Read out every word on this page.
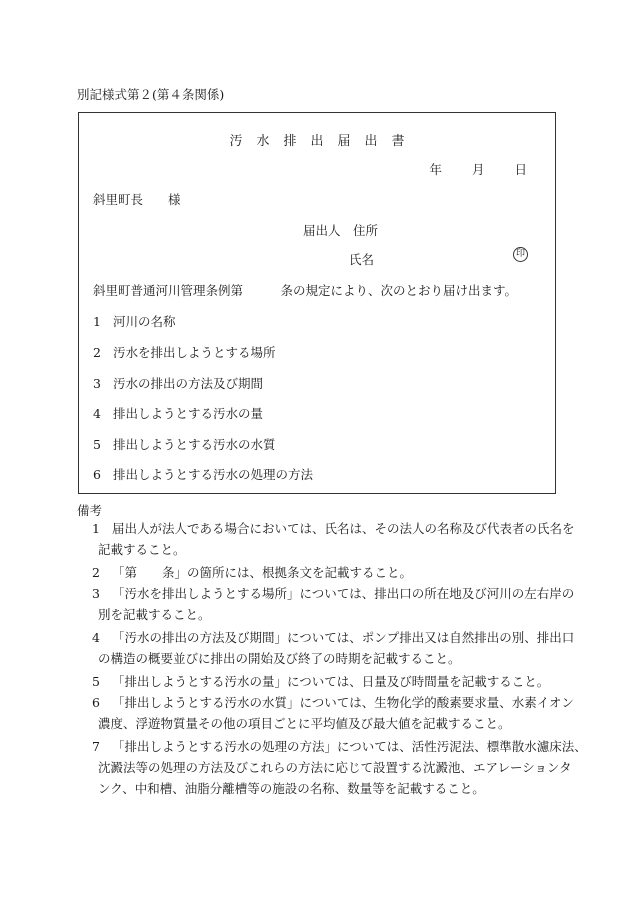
別記様式第２(第４条関係)
汚 水 排 出 届 出 書
年 月 日
斜里町長　　様
届出人　住所
氏名	印
斜里町普通河川管理条例第　　　条の規定により、次のとおり届け出ます。
1 河川の名称
2 汚水を排出しようとする場所
3 汚水の排出の方法及び期間
4 排出しようとする汚水の量
5 排出しようとする汚水の水質
6 排出しようとする汚水の処理の方法
備考
1 届出人が法人である場合においては、氏名は、その法人の名称及び代表者の氏名を
記載すること。
2 「第　　条」の箇所には、根拠条文を記載すること。
3 「汚水を排出しようとする場所」については、排出口の所在地及び河川の左右岸の
別を記載すること。
4 「汚水の排出の方法及び期間」については、ポンプ排出又は自然排出の別、排出口
の構造の概要並びに排出の開始及び終了の時期を記載すること。
5 「排出しようとする汚水の量」については、日量及び時間量を記載すること。
6 「排出しようとする汚水の水質」については、生物化学的酸素要求量、水素イオン
濃度、浮遊物質量その他の項目ごとに平均値及び最大値を記載すること。
7 「排出しようとする汚水の処理の方法」については、活性汚泥法、標準散水濾床法、
沈澱法等の処理の方法及びこれらの方法に応じて設置する沈澱池、エアレーションタ
ンク、中和槽、油脂分離槽等の施設の名称、数量等を記載すること。
